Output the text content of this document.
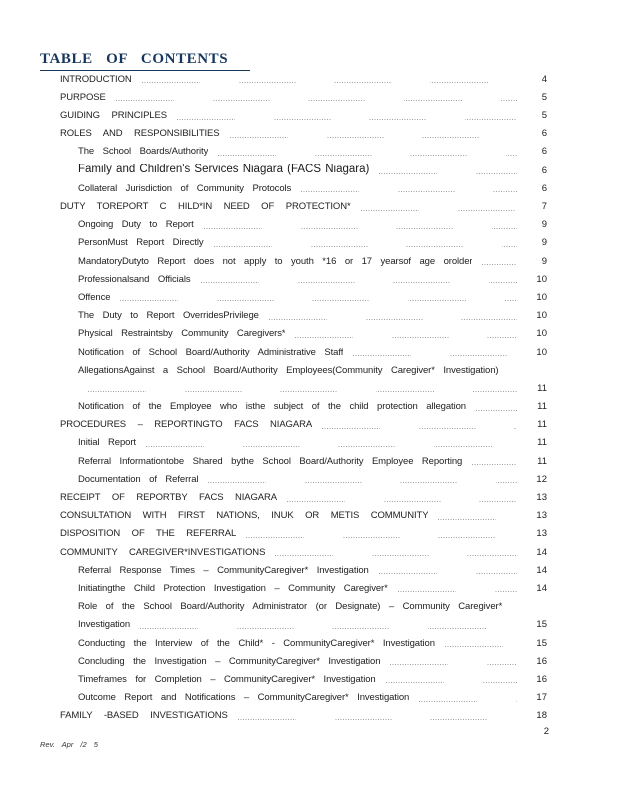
TABLE OF CONTENTS
INTRODUCTION	4
PURPOSE	5
GUIDING PRINCIPLES	5
ROLES AND RESPONSIBILITIES	6
The School Boards/Authority	6
Family and Children's Services Niagara (FACS Niagara)	6
Collateral Jurisdiction of Community Protocols	6
DUTY TOREPORT C HILD*IN NEED OF PROTECTION*	7
Ongoing Duty to Report	9
PersonMust Report Directly	9
MandatoryDutyto Report does not apply to youth *16 or 17 yearsof age orolder	9
Professionalsand Officials	10
Offence	10
The Duty to Report OverridesPrivilege	10
Physical Restraintsby Community Caregivers*	10
Notification of School Board/Authority Administrative Staff	10
AllegationsAgainst a School Board/Authority Employees(Community Caregiver* Investigation)
11
Notification of the Employee who isthe subject of the child protection allegation	11
PROCEDURES – REPORTINGTO FACS NIAGARA	11
Initial Report	11
Referral Informationtobe Shared bythe School Board/Authority Employee Reporting	11
Documentation of Referral	12
RECEIPT OF REPORTBY FACS NIAGARA	13
CONSULTATION WITH FIRST NATIONS, INUK OR METIS COMMUNITY	13
DISPOSITION OF THE REFERRAL	13
COMMUNITY CAREGIVER*INVESTIGATIONS	14
Referral Response Times – CommunityCaregiver* Investigation	14
Initiatingthe Child Protection Investigation – Community Caregiver*	14
Role of the School Board/Authority Administrator (or Designate) – Community Caregiver*
Investigation	15
Conducting the Interview of the Child* - CommunityCaregiver* Investigation	15
Concluding the Investigation – CommunityCaregiver* Investigation	16
Timeframes for Completion – CommunityCaregiver* Investigation	16
Outcome Report and Notifications – CommunityCaregiver* Investigation	17
FAMILY -BASED INVESTIGATIONS	18
2
Rev. Apr /2 5
